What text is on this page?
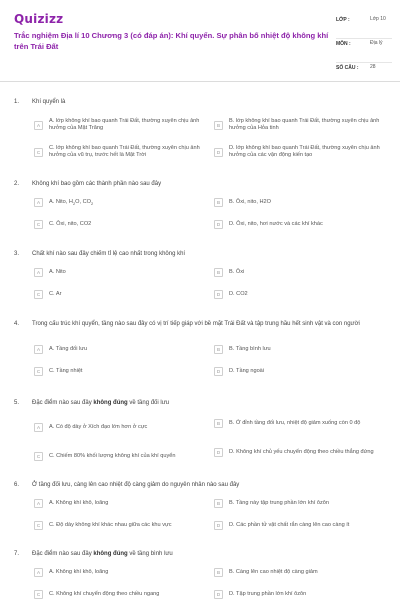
Quizizz
Trắc nghiệm Địa lí 10 Chương 3 (có đáp án): Khí quyển. Sự phân bố nhiệt độ không khí trên Trái Đất
LỚP :	Lớp 10
MÔN :	Địa lý
SỐ CÂU :	28
1. Khí quyển là
A
A. lớp không khí bao quanh Trái Đất, thường xuyên chịu ảnh hưởng của Mặt Trăng	B
B. lớp không khí bao quanh Trái Đất, thường xuyên chịu ảnh hưởng của Hỏa tinh
C
C. lớp không khí bao quanh Trái Đất, thường xuyên chịu ảnh hưởng của vũ trụ, trước hết là Mặt Trời	D
D. lớp không khí bao quanh Trái Đất, thường xuyên chịu ảnh hưởng của các vận động kiến tạo
2. Không khí bao gồm các thành phần nào sau đây
A	A. Nito, $H_2O$, $CO_2$	B	B. Ôxi, nito, H2O
C	C. Ôxi, nito, CO2	D	D. Ôxi, nito, hơi nước và các khí khác
3. Chất khí nào sau đây chiếm tỉ lệ cao nhất trong không khí
A	A. Nito	B	B. Ôxi
C	C. Ar	D	D. CO2
4. Trong cấu trúc khí quyển, tầng nào sau đây có vị trí tiếp giáp với bề mặt Trái Đất và tập trung hầu hết sinh vật và con người
A	A. Tầng đối lưu	B	B. Tầng bình lưu
C	C. Tầng nhiệt	D	D. Tầng ngoài
5. Đặc điểm nào sau đây không đúng về tầng đối lưu
A	A. Có độ dày ở Xích đạo lớn hơn ở cực
B	B. Ở đỉnh tầng đối lưu, nhiệt độ giảm xuống còn 0 độ
C	C. Chiếm 80% khối lượng không khí của khí quyển
D	D. Không khí chủ yếu chuyển động theo chiều thẳng đứng
6. Ở tầng đối lưu, càng lên cao nhiệt độ càng giảm do nguyên nhân nào sau đây
A	A. Không khí khô, loãng	B	B. Tầng này tập trung phần lớn khí ôzôn
C	C. Độ dày không khí khác nhau giữa các khu vực	D	D. Các phần tử vật chất rắn càng lên cao càng ít
7. Đặc điểm nào sau đây không đúng về tầng bình lưu
A	A. Không khí khô, loãng	B	B. Càng lên cao nhiệt độ càng giảm
C	C. Không khí chuyển động theo chiều ngang	D	D. Tập trung phần lớn khí ôzôn
